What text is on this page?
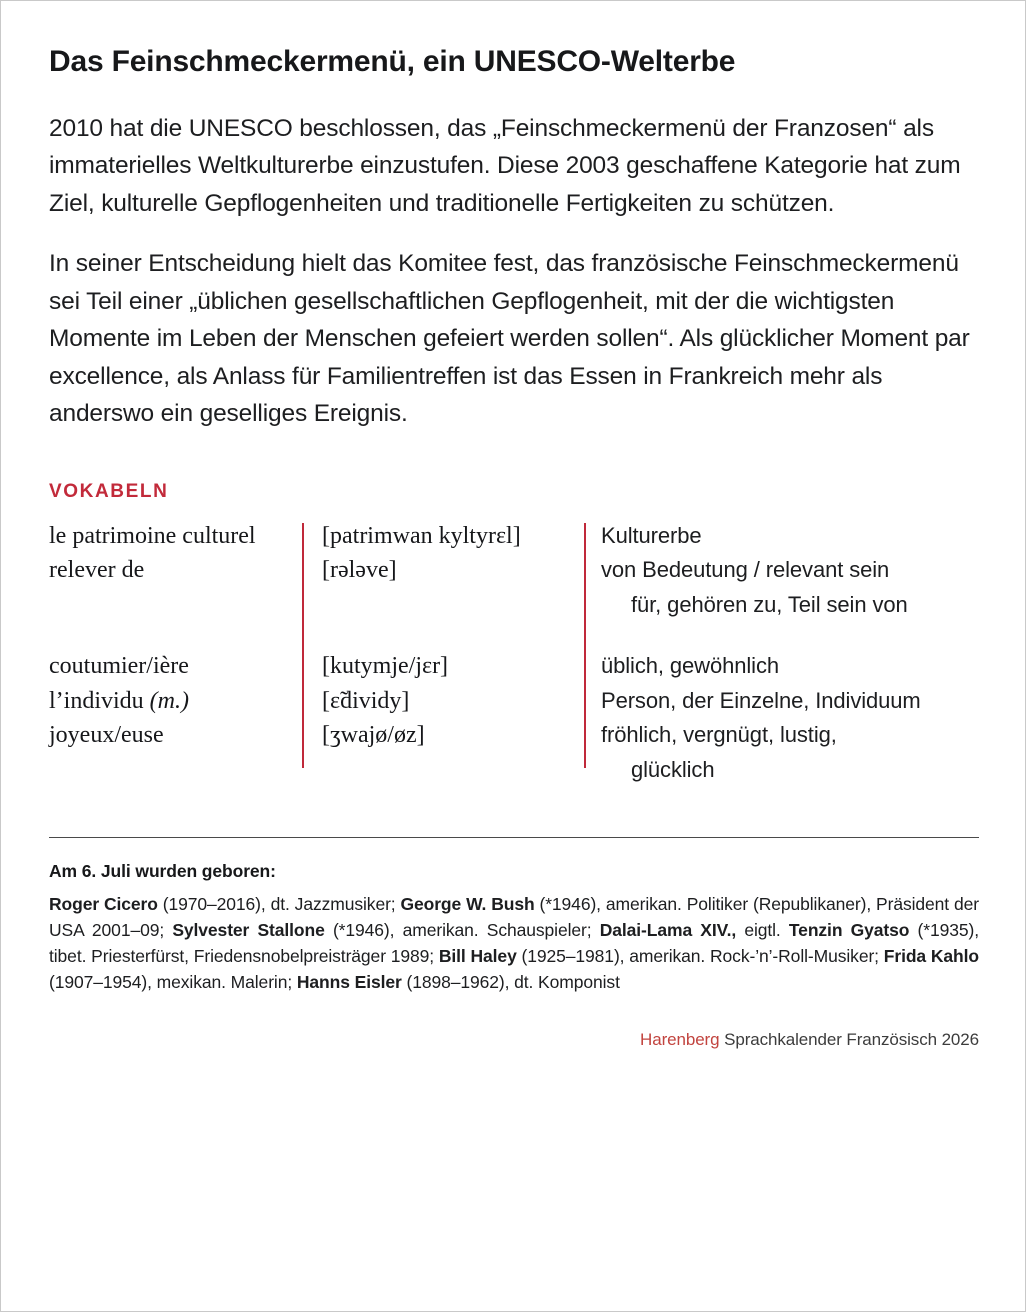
Das Feinschmeckermenü, ein UNESCO-Welterbe

2010 hat die UNESCO beschlossen, das „Feinschmeckermenü der Franzosen“ als immaterielles Weltkulturerbe einzustufen. Diese 2003 geschaffene Kategorie hat zum Ziel, kulturelle Gepflogenheiten und traditionelle Fertigkeiten zu schützen.

In seiner Entscheidung hielt das Komitee fest, das französische Feinschmeckermenü sei Teil einer „üblichen gesellschaftlichen Gepflogenheit, mit der die wichtigsten Momente im Leben der Menschen gefeiert werden sollen“. Als glücklicher Moment par excellence, als Anlass für Familientreffen ist das Essen in Frankreich mehr als anderswo ein geselliges Ereignis.

VOKABELN
le patrimoine culturel	[patrimwan kyltyrɛl]	Kulturerbe
relever de	[rələve]	von Bedeutung / relevant sein
für, gehören zu, Teil sein von
coutumier/ière	[kutymje/jɛr]	üblich, gewöhnlich
l’individu (m.)	[ɛ̃dividy]	Person, der Einzelne, Individuum
joyeux/euse	[ʒwajø/øz]	fröhlich, vergnügt, lustig,
glücklich

Am 6. Juli wurden geboren:

Roger Cicero (1970–2016), dt. Jazzmusiker; George W. Bush (*1946), amerikan. Politiker (Republikaner), Präsident der USA 2001–09; Sylvester Stallone (*1946), amerikan. Schauspieler; Dalai-Lama XIV., eigtl. Tenzin Gyatso (*1935), tibet. Priesterfürst, Friedensnobelpreisträger 1989; Bill Haley (1925–1981), amerikan. Rock-’n’-Roll-Musiker; Frida Kahlo (1907–1954), mexikan. Malerin; Hanns Eisler (1898–1962), dt. Komponist

Harenberg Sprachkalender Französisch 2026
